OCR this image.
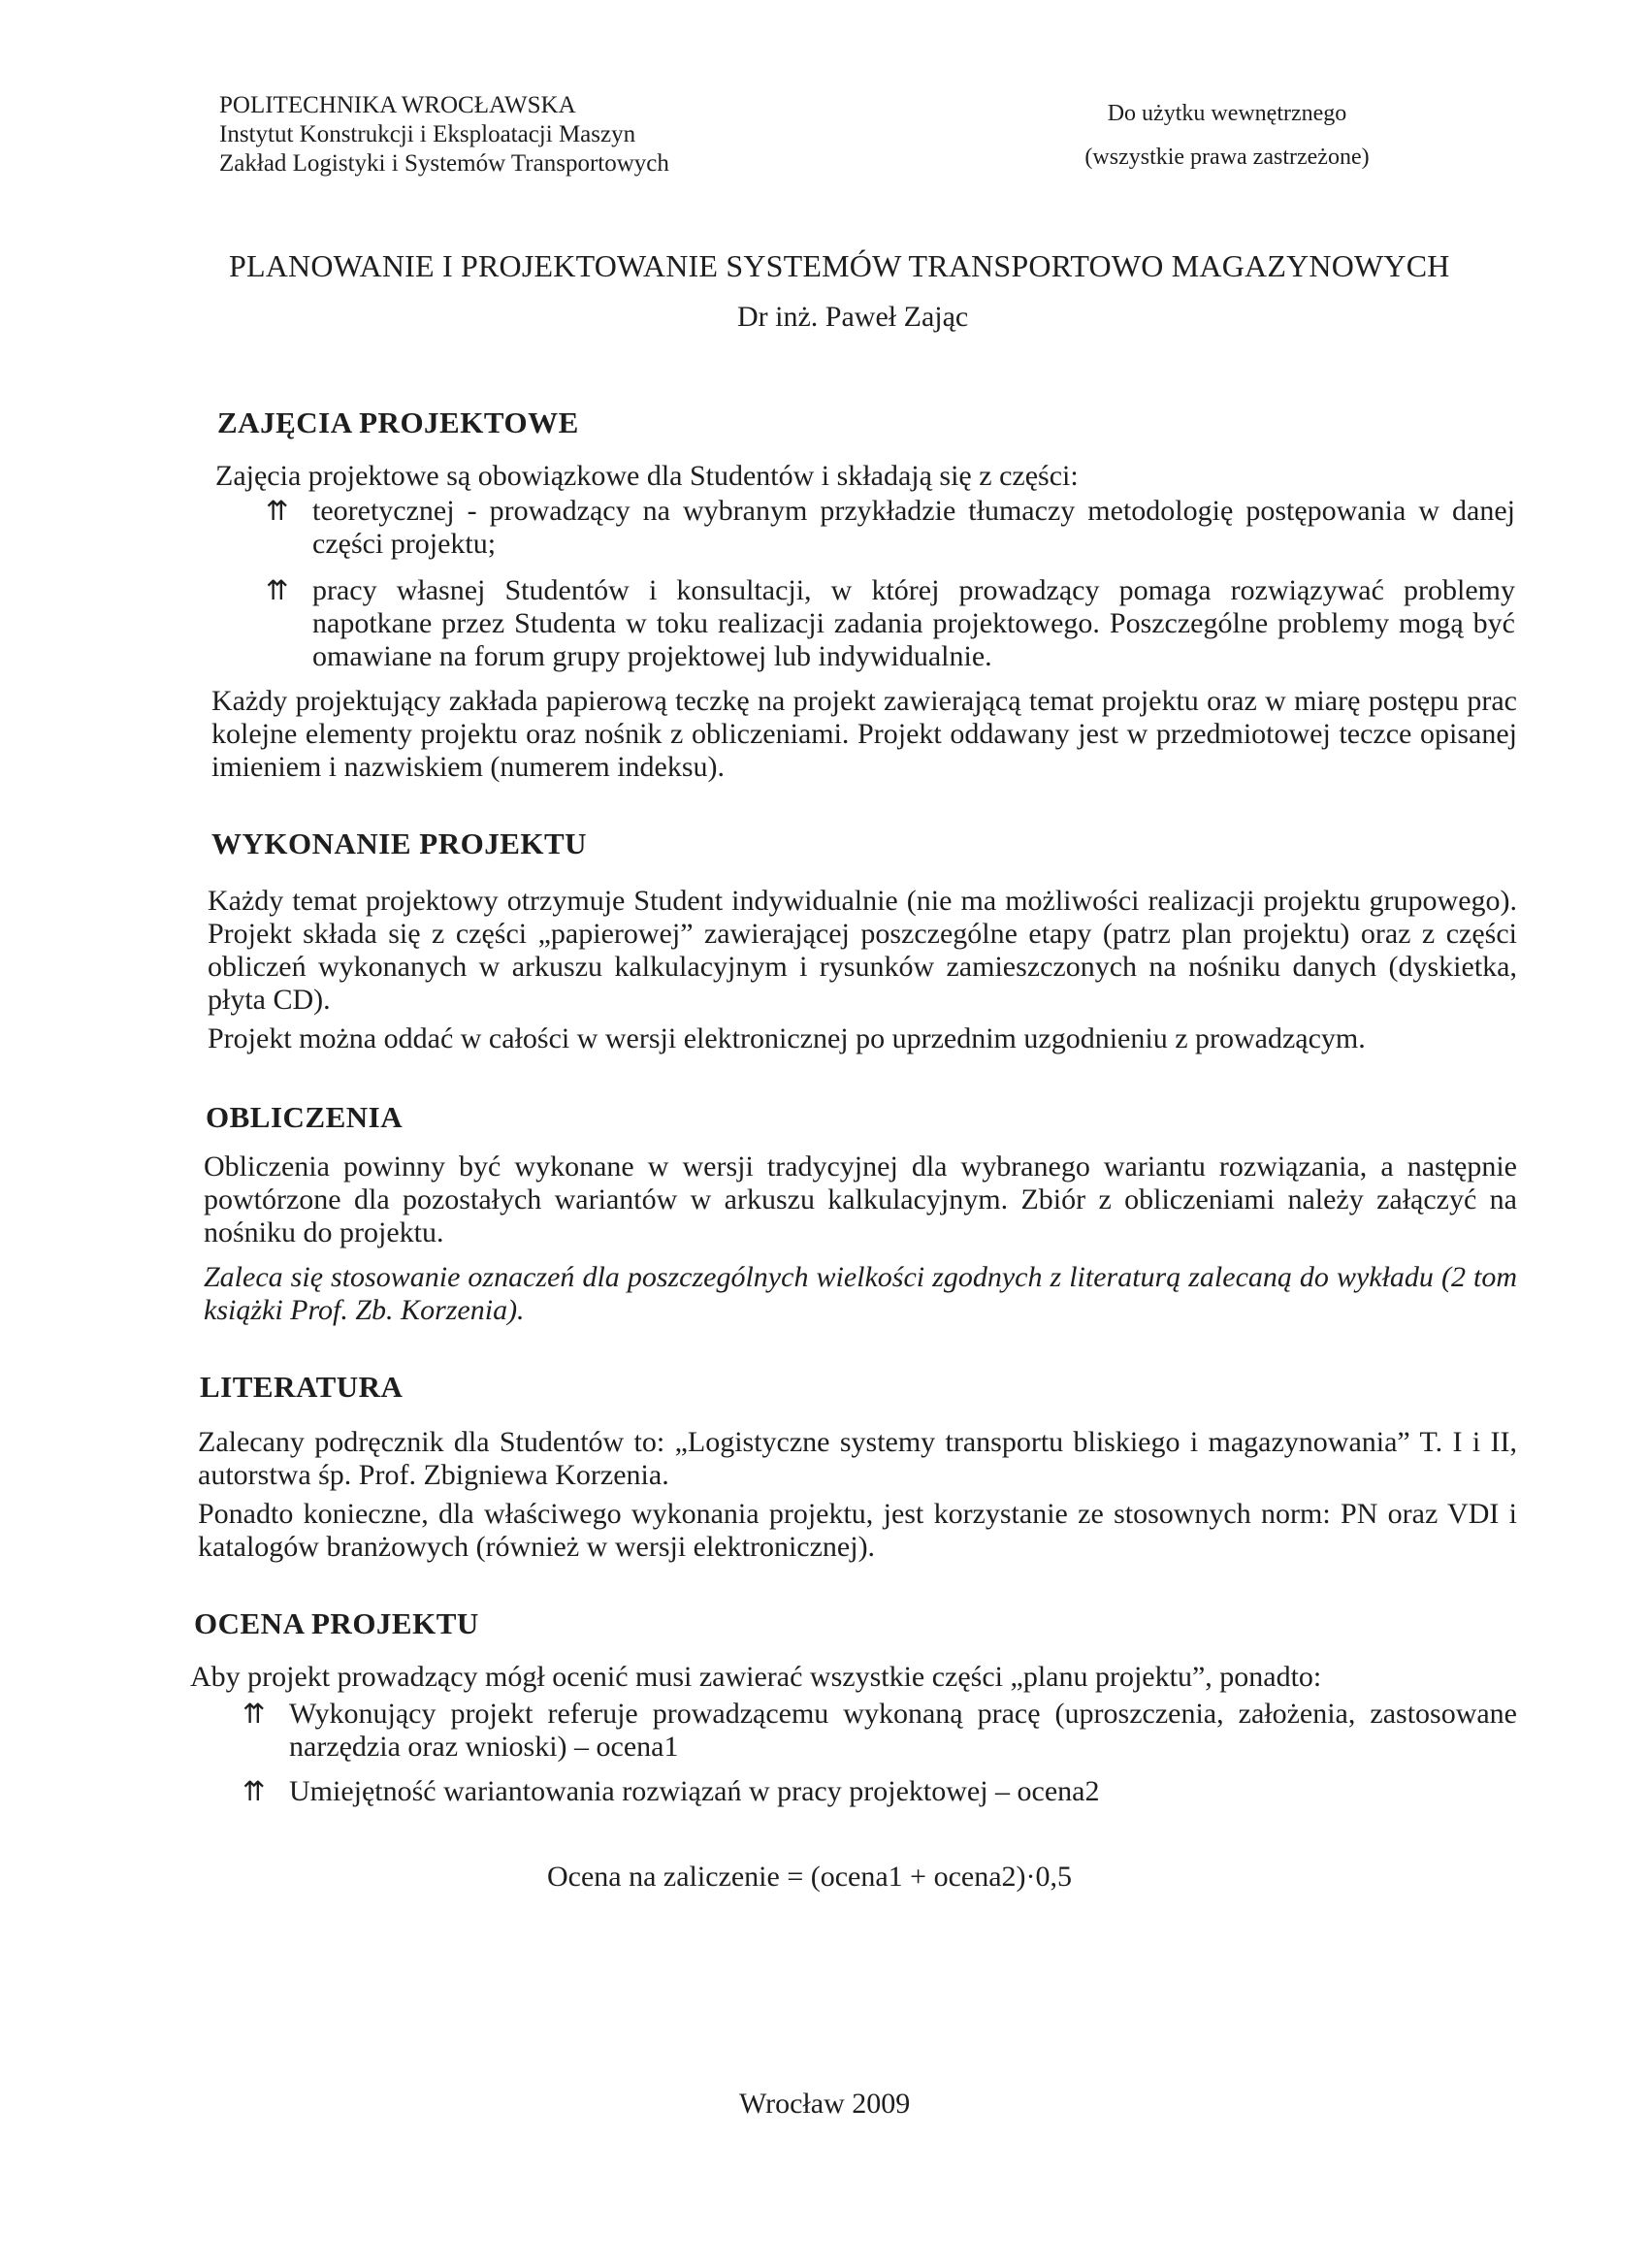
POLITECHNIKA WROCŁAWSKA
Instytut Konstrukcji i Eksploatacji Maszyn
Zakład Logistyki i Systemów Transportowych
Do użytku wewnętrznego
(wszystkie prawa zastrzeżone)
PLANOWANIE I PROJEKTOWANIE SYSTEMÓW TRANSPORTOWO MAGAZYNOWYCH
Dr inż. Paweł Zając
ZAJĘCIA PROJEKTOWE
Zajęcia projektowe są obowiązkowe dla Studentów i składają się z części:
⇈ teoretycznej - prowadzący na wybranym przykładzie tłumaczy metodologię postępowania w danej części projektu;
⇈ pracy własnej Studentów i konsultacji, w której prowadzący pomaga rozwiązywać problemy napotkane przez Studenta w toku realizacji zadania projektowego. Poszczególne problemy mogą być omawiane na forum grupy projektowej lub indywidualnie.
Każdy projektujący zakłada papierową teczkę na projekt zawierającą temat projektu oraz w miarę postępu prac kolejne elementy projektu oraz nośnik z obliczeniami. Projekt oddawany jest w przedmiotowej teczce opisanej imieniem i nazwiskiem (numerem indeksu).
WYKONANIE PROJEKTU
Każdy temat projektowy otrzymuje Student indywidualnie (nie ma możliwości realizacji projektu grupowego). Projekt składa się z części „papierowej” zawierającej poszczególne etapy (patrz plan projektu) oraz z części obliczeń wykonanych w arkuszu kalkulacyjnym i rysunków zamieszczonych na nośniku danych (dyskietka, płyta CD).
Projekt można oddać w całości w wersji elektronicznej po uprzednim uzgodnieniu z prowadzącym.
OBLICZENIA
Obliczenia powinny być wykonane w wersji tradycyjnej dla wybranego wariantu rozwiązania, a następnie powtórzone dla pozostałych wariantów w arkuszu kalkulacyjnym. Zbiór z obliczeniami należy załączyć na nośniku do projektu.
Zaleca się stosowanie oznaczeń dla poszczególnych wielkości zgodnych z literaturą zalecaną do wykładu (2 tom książki Prof. Zb. Korzenia).
LITERATURA
Zalecany podręcznik dla Studentów to: „Logistyczne systemy transportu bliskiego i magazynowania” T. I i II, autorstwa śp. Prof. Zbigniewa Korzenia.
Ponadto konieczne, dla właściwego wykonania projektu, jest korzystanie ze stosownych norm: PN oraz VDI i katalogów branżowych (również w wersji elektronicznej).
OCENA PROJEKTU
Aby projekt prowadzący mógł ocenić musi zawierać wszystkie części „planu projektu”, ponadto:
⇈ Wykonujący projekt referuje prowadzącemu wykonaną pracę (uproszczenia, założenia, zastosowane narzędzia oraz wnioski) – ocena1
⇈ Umiejętność wariantowania rozwiązań w pracy projektowej – ocena2
Ocena na zaliczenie = (ocena1 + ocena2)·0,5
Wrocław 2009
